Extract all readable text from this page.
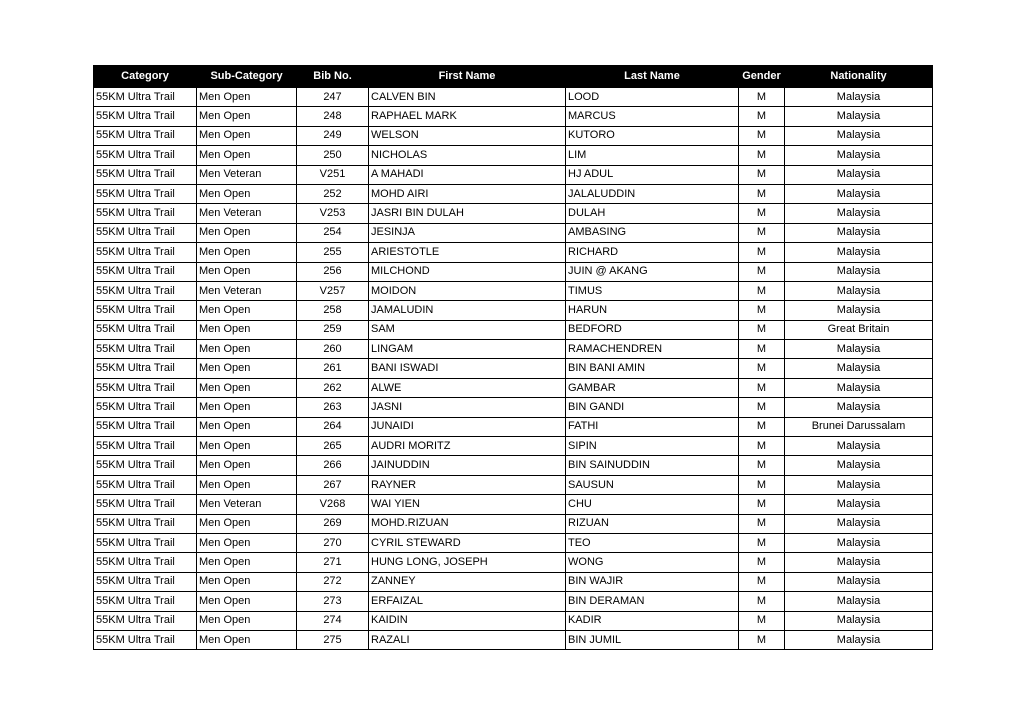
Category	Sub-Category	Bib No.	First Name	Last Name	Gender	Nationality
55KM Ultra Trail	Men Open	247	CALVEN BIN	LOOD	M	Malaysia
55KM Ultra Trail	Men Open	248	RAPHAEL MARK	MARCUS	M	Malaysia
55KM Ultra Trail	Men Open	249	WELSON	KUTORO	M	Malaysia
55KM Ultra Trail	Men Open	250	NICHOLAS	LIM	M	Malaysia
55KM Ultra Trail	Men Veteran	V251	A MAHADI	HJ ADUL	M	Malaysia
55KM Ultra Trail	Men Open	252	MOHD AIRI	JALALUDDIN	M	Malaysia
55KM Ultra Trail	Men Veteran	V253	JASRI BIN DULAH	DULAH	M	Malaysia
55KM Ultra Trail	Men Open	254	JESINJA	AMBASING	M	Malaysia
55KM Ultra Trail	Men Open	255	ARIESTOTLE	RICHARD	M	Malaysia
55KM Ultra Trail	Men Open	256	MILCHOND	JUIN @ AKANG	M	Malaysia
55KM Ultra Trail	Men Veteran	V257	MOIDON	TIMUS	M	Malaysia
55KM Ultra Trail	Men Open	258	JAMALUDIN	HARUN	M	Malaysia
55KM Ultra Trail	Men Open	259	SAM	BEDFORD	M	Great Britain
55KM Ultra Trail	Men Open	260	LINGAM	RAMACHENDREN	M	Malaysia
55KM Ultra Trail	Men Open	261	BANI ISWADI	BIN BANI AMIN	M	Malaysia
55KM Ultra Trail	Men Open	262	ALWE	GAMBAR	M	Malaysia
55KM Ultra Trail	Men Open	263	JASNI	BIN GANDI	M	Malaysia
55KM Ultra Trail	Men Open	264	JUNAIDI	FATHI	M	Brunei Darussalam
55KM Ultra Trail	Men Open	265	AUDRI MORITZ	SIPIN	M	Malaysia
55KM Ultra Trail	Men Open	266	JAINUDDIN	BIN SAINUDDIN	M	Malaysia
55KM Ultra Trail	Men Open	267	RAYNER	SAUSUN	M	Malaysia
55KM Ultra Trail	Men Veteran	V268	WAI YIEN	CHU	M	Malaysia
55KM Ultra Trail	Men Open	269	MOHD.RIZUAN	RIZUAN	M	Malaysia
55KM Ultra Trail	Men Open	270	CYRIL STEWARD	TEO	M	Malaysia
55KM Ultra Trail	Men Open	271	HUNG LONG, JOSEPH	WONG	M	Malaysia
55KM Ultra Trail	Men Open	272	ZANNEY	BIN WAJIR	M	Malaysia
55KM Ultra Trail	Men Open	273	ERFAIZAL	BIN DERAMAN	M	Malaysia
55KM Ultra Trail	Men Open	274	KAIDIN	KADIR	M	Malaysia
55KM Ultra Trail	Men Open	275	RAZALI	BIN JUMIL	M	Malaysia
